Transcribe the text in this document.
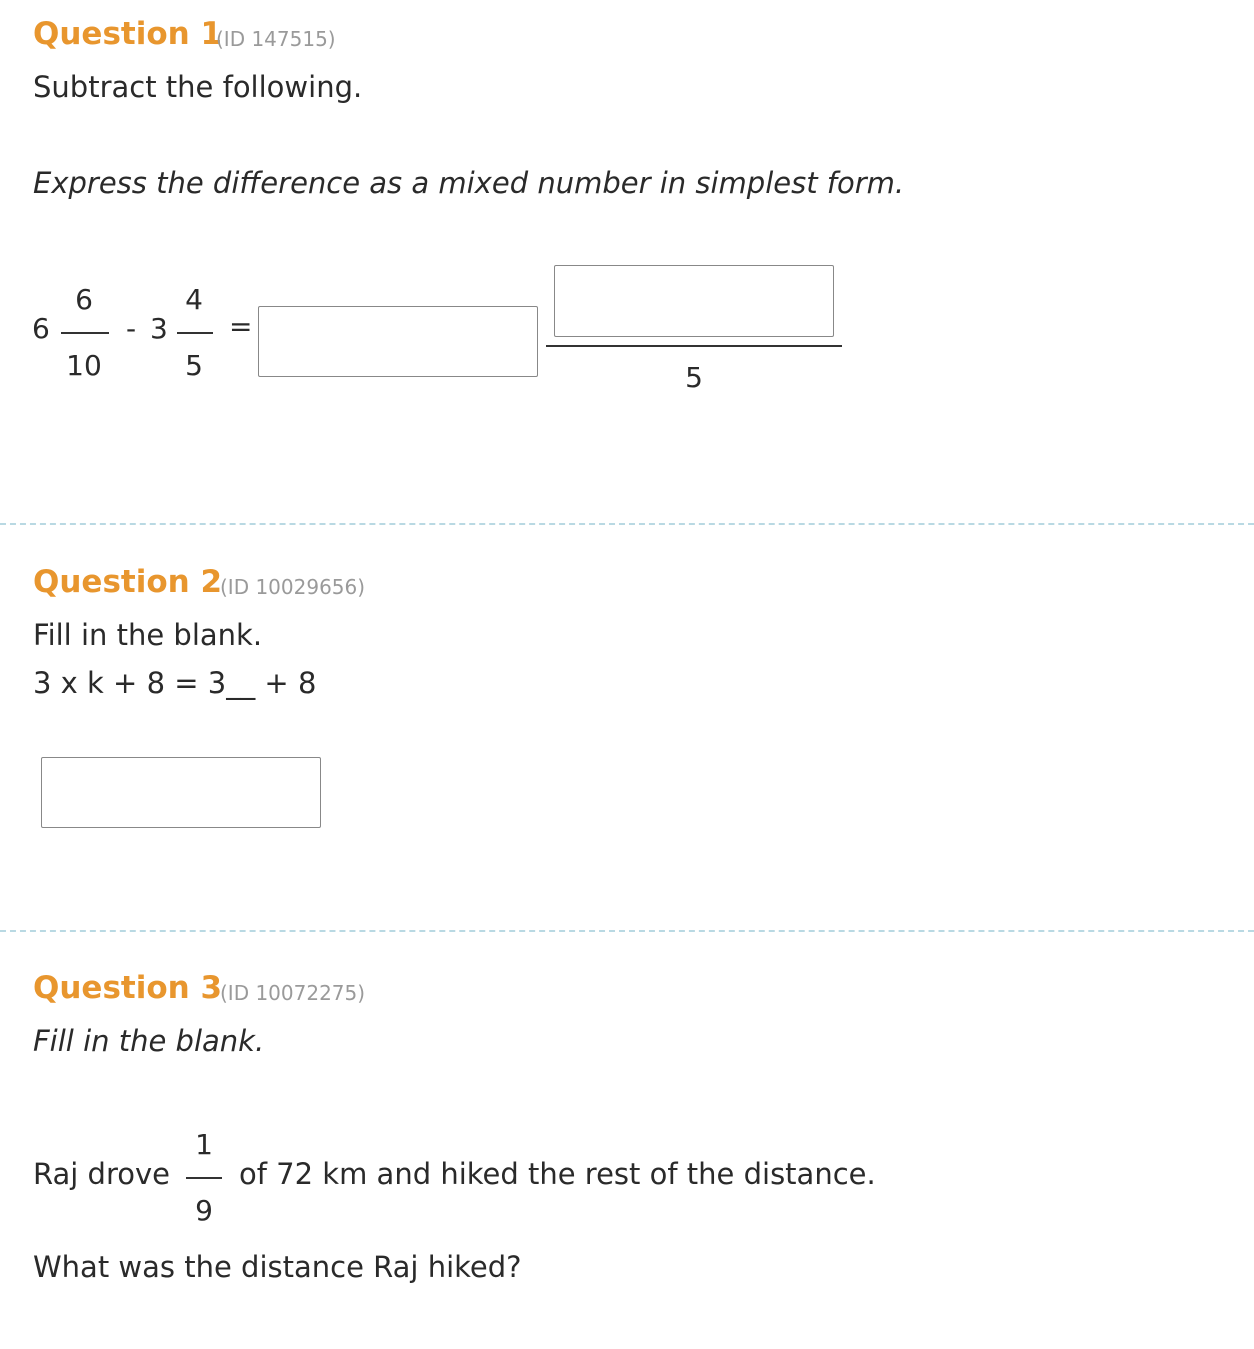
Question 1
(ID 147515)
Subtract the following.
Express the difference as a mixed number in simplest form.
6
6
10
- 3
4
5
=
5
Question 2
(ID 10029656)
Fill in the blank.
3 x k + 8 = 3__ + 8
Question 3
(ID 10072275)
Fill in the blank.
Raj drove
1
9
of 72 km and hiked the rest of the distance.
What was the distance Raj hiked?
